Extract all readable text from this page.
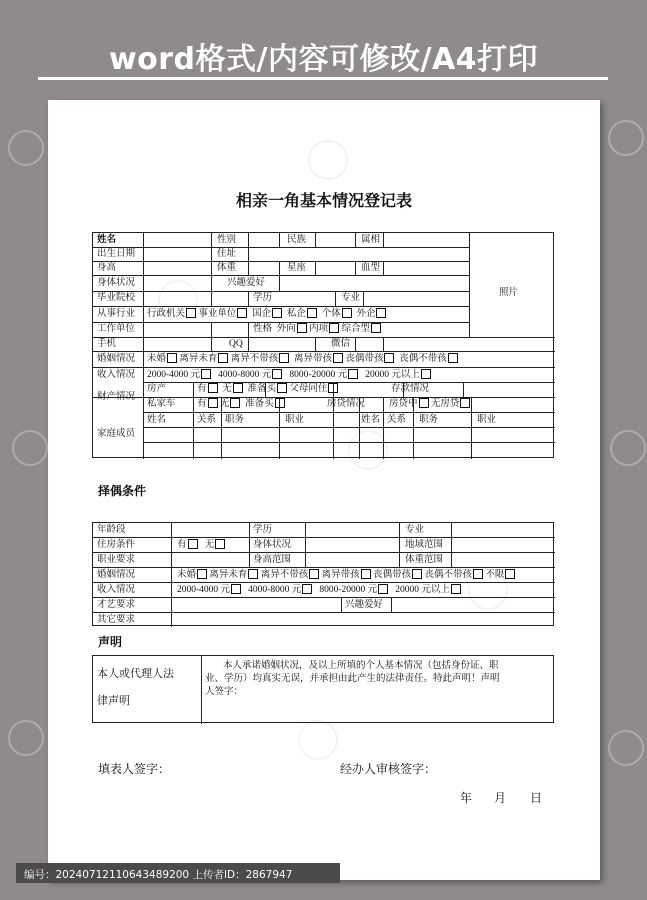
word格式/内容可修改/A4打印
相亲一角基本情况登记表
姓名	性别	民族	属相
出生日期	住址
身高	体重	星座	血型
身体状况	兴趣爱好
毕业院校	学历	专业
从事行业 行政机关 事业单位 国企 私企 个体 外企
工作单位	性格 外向 内项 综合型
手机	QQ	微信
婚姻情况 未婚 离异未育 离异不带孩 离异带孩 丧偶带孩 丧偶不带孩
收入情况 2000-4000 元 4000-8000 元 8000-20000 元 20000 元以上
财产情况
房产	有 无 准备买 父母同住	存款情况
私家车 有 无 准备买	房贷情况	房贷中 无房贷
家庭成员
姓名	关系 职务	职业	姓名 关系 职务	职业
照片
择偶条件
年龄段	学历	专业
住房条件	有 无	身体状况	地域范围
职业要求	身高范围	体重范围
婚姻情况	未婚 离异未育 离异不带孩 离异带孩 丧偶带孩 丧偶不带孩 不限
收入情况	2000-4000 元 4000-8000 元 8000-20000 元 20000 元以上
才艺要求	兴趣爱好
其它要求
声明
本人或代理人法
律声明
本人承诺婚姻状况，及以上所填的个人基本情况（包括身份证、职
业、学历）均真实无误，并承担由此产生的法律责任。特此声明！声明
人签字：
填表人签字：	经办人审核签字：
年 月 日
编号：20240712110643489200 上传者ID：2867947
